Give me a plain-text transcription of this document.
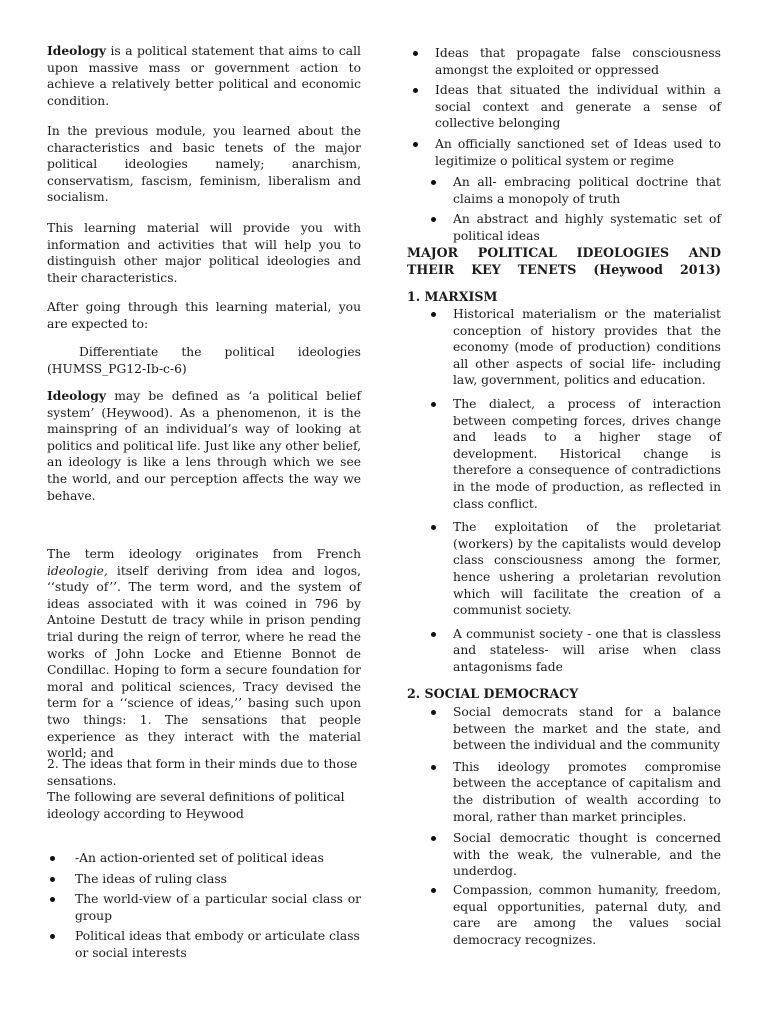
Ideology is a political statement that aims to call upon massive mass or government action to achieve a relatively better political and economic condition.

In the previous module, you learned about the characteristics and basic tenets of the major political ideologies namely; anarchism, conservatism, fascism, feminism, liberalism and socialism.

This learning material will provide you with information and activities that will help you to distinguish other major political ideologies and their characteristics.

After going through this learning material, you are expected to:

Differentiate the political ideologies (HUMSS_PG12-Ib-c-6)

Ideology may be defined as ‘a political belief system’ (Heywood). As a phenomenon, it is the mainspring of an individual’s way of looking at politics and political life. Just like any other belief, an ideology is like a lens through which we see the world, and our perception affects the way we behave.

The term ideology originates from French ideologie, itself deriving from idea and logos, ‘‘study of’’. The term word, and the system of ideas associated with it was coined in 796 by Antoine Destutt de tracy while in prison pending trial during the reign of terror, where he read the works of John Locke and Etienne Bonnot de Condillac. Hoping to form a secure foundation for moral and political sciences, Tracy devised the term for a ‘‘science of ideas,’’ basing such upon two things: 1. The sensations that people experience as they interact with the material world; and

2. The ideas that form in their minds due to those sensations.

The following are several definitions of political ideology according to Heywood

-An action-oriented set of political ideas
The ideas of ruling class
The world-view of a particular social class or group
Political ideas that embody or articulate class or social interests
Ideas that propagate false consciousness amongst the exploited or oppressed
Ideas that situated the individual within a social context and generate a sense of collective belonging
An officially sanctioned set of Ideas used to legitimize o political system or regime
An all- embracing political doctrine that claims a monopoly of truth
An abstract and highly systematic set of political ideas

MAJOR POLITICAL IDEOLOGIES AND THEIR KEY TENETS (Heywood 2013)

1. MARXISM

Historical materialism or the materialist conception of history provides that the economy (mode of production) conditions all other aspects of social life- including law, government, politics and education.
The dialect, a process of interaction between competing forces, drives change and leads to a higher stage of development. Historical change is therefore a consequence of contradictions in the mode of production, as reflected in class conflict.
The exploitation of the proletariat (workers) by the capitalists would develop class consciousness among the former, hence ushering a proletarian revolution which will facilitate the creation of a communist society.
A communist society - one that is classless and stateless- will arise when class antagonisms fade

2. SOCIAL DEMOCRACY

Social democrats stand for a balance between the market and the state, and between the individual and the community
This ideology promotes compromise between the acceptance of capitalism and the distribution of wealth according to moral, rather than market principles.
Social democratic thought is concerned with the weak, the vulnerable, and the underdog.
Compassion, common humanity, freedom, equal opportunities, paternal duty, and care are among the values social democracy recognizes.
